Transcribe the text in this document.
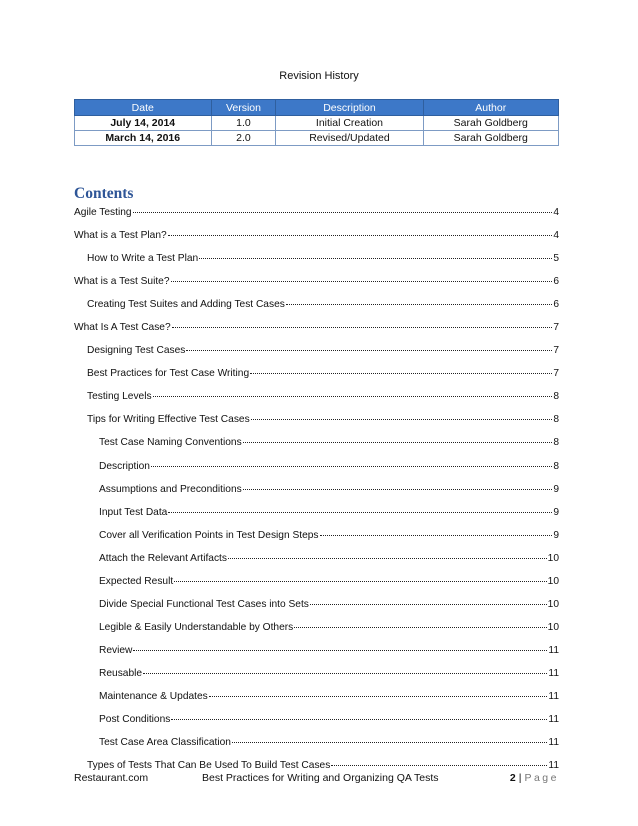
Revision History
Date	Version	Description	Author
July 14, 2014	1.0	Initial Creation	Sarah Goldberg
March 14, 2016	2.0	Revised/Updated	Sarah Goldberg
Contents
Agile Testing	4
What is a Test Plan?	4
How to Write a Test Plan	5
What is a Test Suite?	6
Creating Test Suites and Adding Test Cases	6
What Is A Test Case?	7
Designing Test Cases	7
Best Practices for Test Case Writing	7
Testing Levels	8
Tips for Writing Effective Test Cases	8
Test Case Naming Conventions	8
Description	8
Assumptions and Preconditions	9
Input Test Data	9
Cover all Verification Points in Test Design Steps	9
Attach the Relevant Artifacts	10
Expected Result	10
Divide Special Functional Test Cases into Sets	10
Legible & Easily Understandable by Others	10
Review	11
Reusable	11
Maintenance & Updates	11
Post Conditions	11
Test Case Area Classification	11
Types of Tests That Can Be Used To Build Test Cases	11
Restaurant.com	Best Practices for Writing and Organizing QA Tests	2 | Page
